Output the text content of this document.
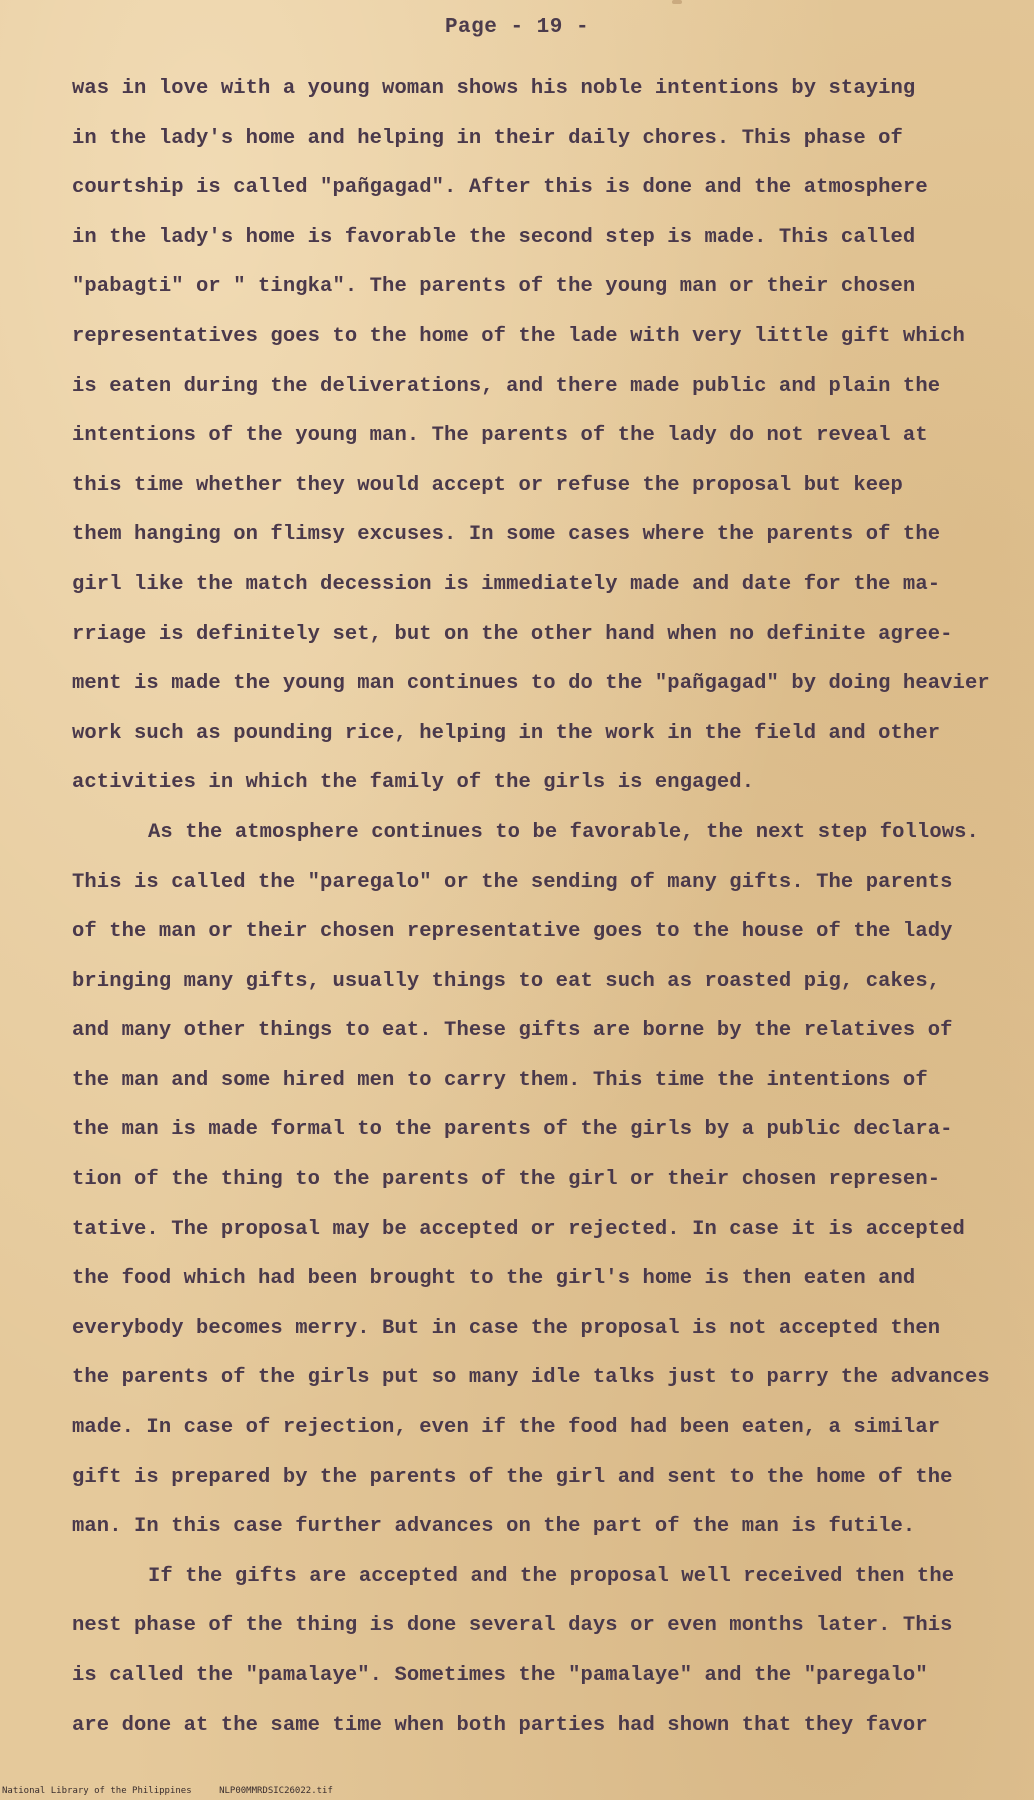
Page - 19 -
was in love with a young woman shows his noble intentions by staying
in the lady's home and helping in their daily chores. This phase of
courtship is called "pañgagad". After this is done and the atmosphere
in the lady's home is favorable the second step is made. This called
"pabagti" or " tingka". The parents of the young man or their chosen
representatives goes to the home of the lade with very little gift which
is eaten during the deliverations, and there made public and plain the
intentions of the young man. The parents of the lady do not reveal at
this time whether they would accept or refuse the proposal but keep
them hanging on flimsy excuses. In some cases where the parents of the
girl like the match decession is immediately made and date for the ma-
rriage is definitely set, but on the other hand when no definite agree-
ment is made the young man continues to do the "pañgagad" by doing heavier
work such as pounding rice, helping in the work in the field and other
activities in which the family of the girls is engaged.
As the atmosphere continues to be favorable, the next step follows.
This is called the "paregalo" or the sending of many gifts. The parents
of the man or their chosen representative goes to the house of the lady
bringing many gifts, usually things to eat such as roasted pig, cakes,
and many other things to eat. These gifts are borne by the relatives of
the man and some hired men to carry them. This time the intentions of
the man is made formal to the parents of the girls by a public declara-
tion of the thing to the parents of the girl or their chosen represen-
tative. The proposal may be accepted or rejected. In case it is accepted
the food which had been brought to the girl's home is then eaten and
everybody becomes merry. But in case the proposal is not accepted then
the parents of the girls put so many idle talks just to parry the advances
made. In case of rejection, even if the food had been eaten, a similar
gift is prepared by the parents of the girl and sent to the home of the
man. In this case further advances on the part of the man is futile.
If the gifts are accepted and the proposal well received then the
nest phase of the thing is done several days or even months later. This
is called the "pamalaye". Sometimes the "pamalaye" and the "paregalo"
are done at the same time when both parties had shown that they favor
National Library of the Philippines	NLP00MMRDSIC26022.tif
